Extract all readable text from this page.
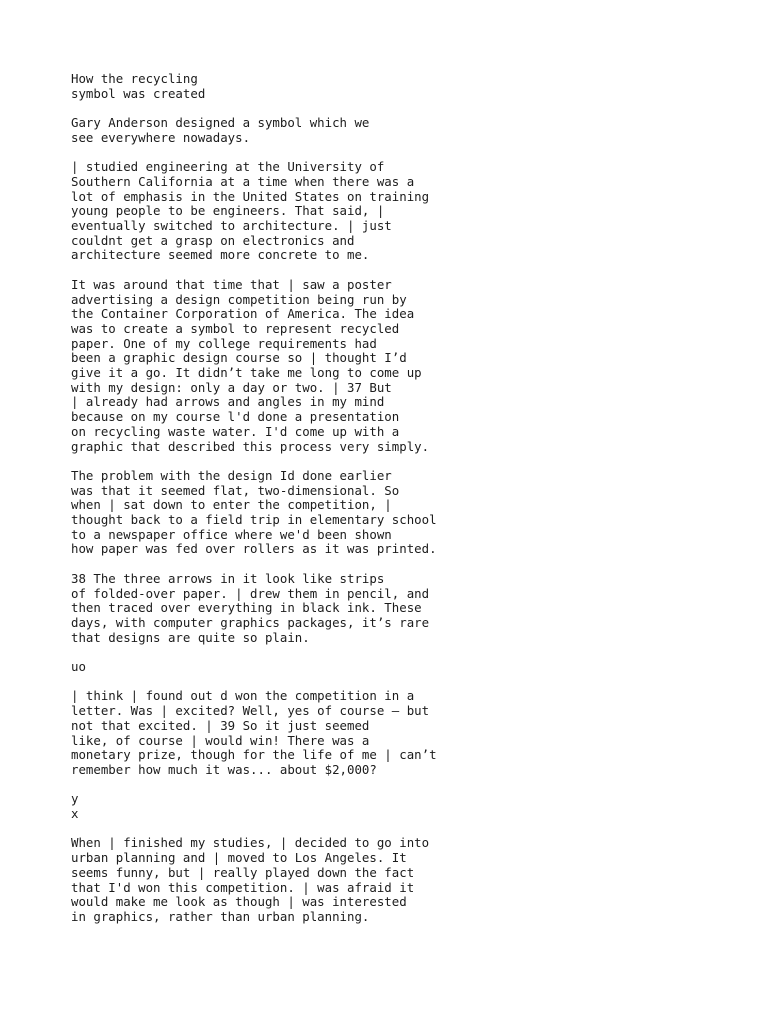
How the recycling
symbol was created

Gary Anderson designed a symbol which we
see everywhere nowadays.

| studied engineering at the University of
Southern California at a time when there was a
lot of emphasis in the United States on training
young people to be engineers. That said, |
eventually switched to architecture. | just
couldnt get a grasp on electronics and
architecture seemed more concrete to me.

It was around that time that | saw a poster
advertising a design competition being run by
the Container Corporation of America. The idea
was to create a symbol to represent recycled
paper. One of my college requirements had
been a graphic design course so | thought I’d
give it a go. It didn’t take me long to come up
with my design: only a day or two. | 37 But
| already had arrows and angles in my mind
because on my course l'd done a presentation
on recycling waste water. I'd come up with a
graphic that described this process very simply.

The problem with the design Id done earlier
was that it seemed flat, two-dimensional. So
when | sat down to enter the competition, |
thought back to a field trip in elementary school
to a newspaper office where we'd been shown
how paper was fed over rollers as it was printed.

38 The three arrows in it look like strips
of folded-over paper. | drew them in pencil, and
then traced over everything in black ink. These
days, with computer graphics packages, it’s rare
that designs are quite so plain.

uo

| think | found out d won the competition in a
letter. Was | excited? Well, yes of course — but
not that excited. | 39 So it just seemed
like, of course | would win! There was a
monetary prize, though for the life of me | can’t
remember how much it was... about $2,000?

y
x

When | finished my studies, | decided to go into
urban planning and | moved to Los Angeles. It
seems funny, but | really played down the fact
that I'd won this competition. | was afraid it
would make me look as though | was interested
in graphics, rather than urban planning.
